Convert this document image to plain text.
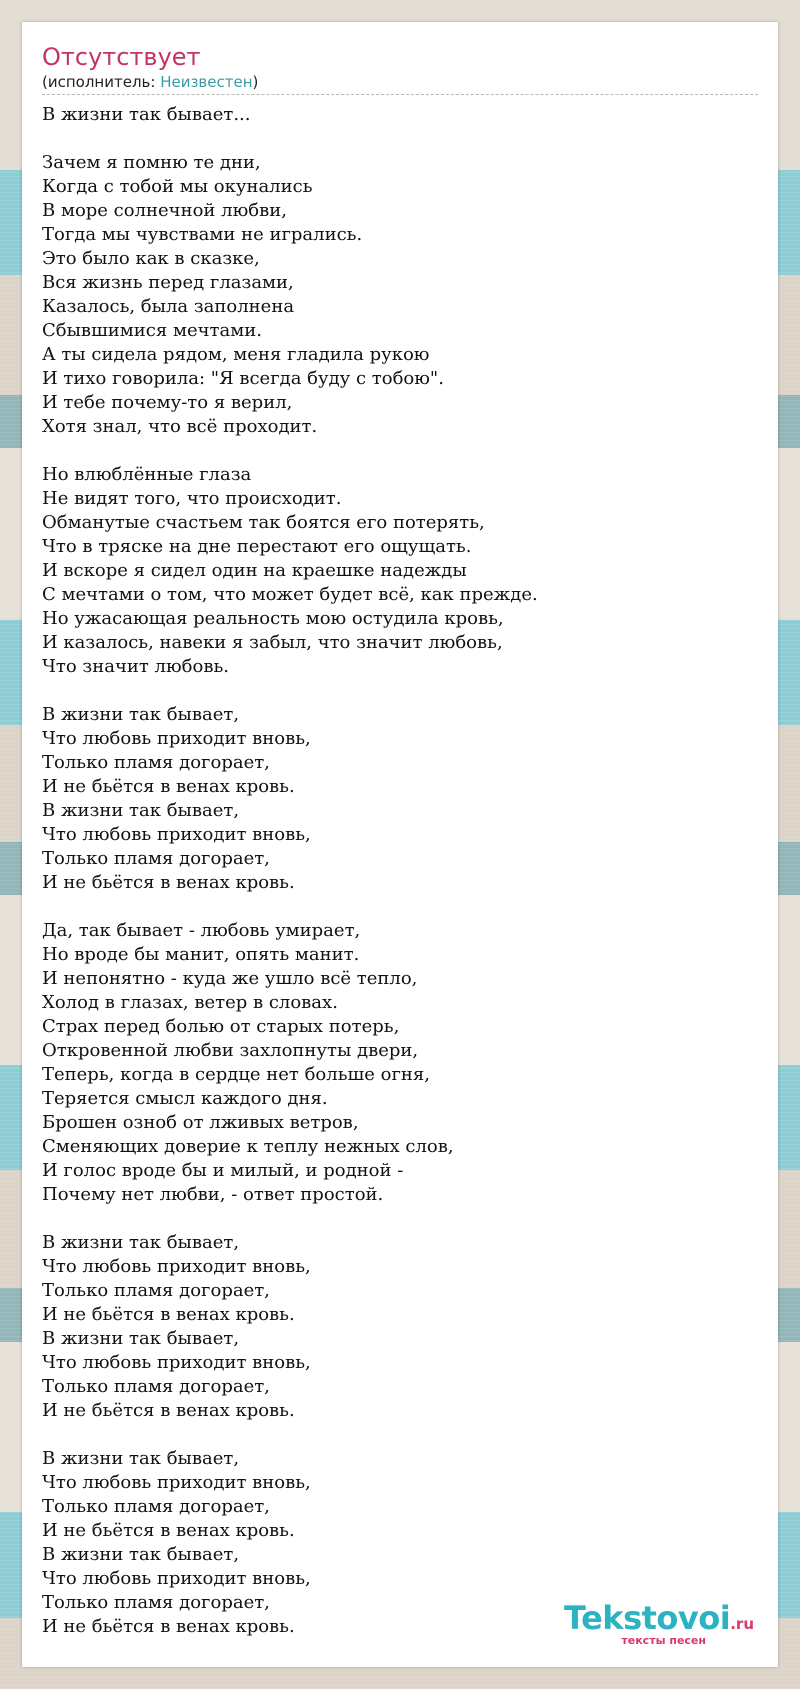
Отсутствует
(исполнитель: Неизвестен)
В жизни так бывает...
Зачем я помню те дни,
Когда с тобой мы окунались
В море солнечной любви,
Тогда мы чувствами не игрались.
Это было как в сказке,
Вся жизнь перед глазами,
Казалось, была заполнена
Сбывшимися мечтами.
А ты сидела рядом, меня гладила рукою
И тихо говорила: "Я всегда буду с тобою".
И тебе почему-то я верил,
Хотя знал, что всё проходит.
Но влюблённые глаза
Не видят того, что происходит.
Обманутые счастьем так боятся его потерять,
Что в тряске на дне перестают его ощущать.
И вскоре я сидел один на краешке надежды
С мечтами о том, что может будет всё, как прежде.
Но ужасающая реальность мою остудила кровь,
И казалось, навеки я забыл, что значит любовь,
Что значит любовь.
В жизни так бывает,
Что любовь приходит вновь,
Только пламя догорает,
И не бьётся в венах кровь.
В жизни так бывает,
Что любовь приходит вновь,
Только пламя догорает,
И не бьётся в венах кровь.
Да, так бывает - любовь умирает,
Но вроде бы манит, опять манит.
И непонятно - куда же ушло всё тепло,
Холод в глазах, ветер в словах.
Страх перед болью от старых потерь,
Откровенной любви захлопнуты двери,
Теперь, когда в сердце нет больше огня,
Теряется смысл каждого дня.
Брошен озноб от лживых ветров,
Сменяющих доверие к теплу нежных слов,
И голос вроде бы и милый, и родной -
Почему нет любви, - ответ простой.
В жизни так бывает,
Что любовь приходит вновь,
Только пламя догорает,
И не бьётся в венах кровь.
В жизни так бывает,
Что любовь приходит вновь,
Только пламя догорает,
И не бьётся в венах кровь.
В жизни так бывает,
Что любовь приходит вновь,
Только пламя догорает,
И не бьётся в венах кровь.
В жизни так бывает,
Что любовь приходит вновь,
Только пламя догорает,
И не бьётся в венах кровь.	Tekstovoi.ru
тексты песен
